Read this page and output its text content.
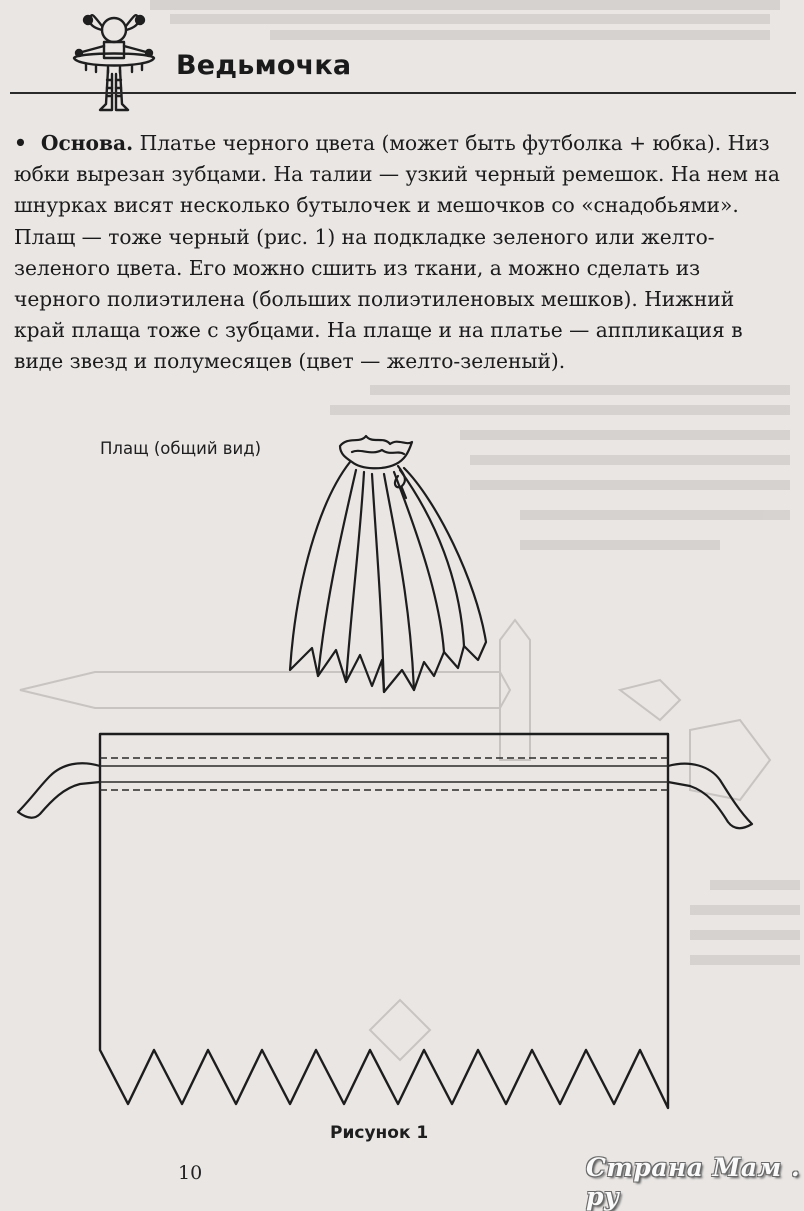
Ведьмочка

• Основа. Платье черного цвета (может быть футболка + юбка). Низ юбки вырезан зубцами. На талии — узкий черный ремешок. На нем на шнурках висят несколько бутылочек и мешочков со «снадобьями». Плащ — тоже черный (рис. 1) на подкладке зеленого или желто-зеленого цвета. Его можно сшить из ткани, а можно сделать из черного полиэтилена (больших полиэтиленовых мешков). Нижний край плаща тоже с зубцами. На плаще и на платье — аппликация в виде звезд и полумесяцев (цвет — желто-зеленый).

Плащ (общий вид)
Рисунок 1
10	Страна Мам . ру
